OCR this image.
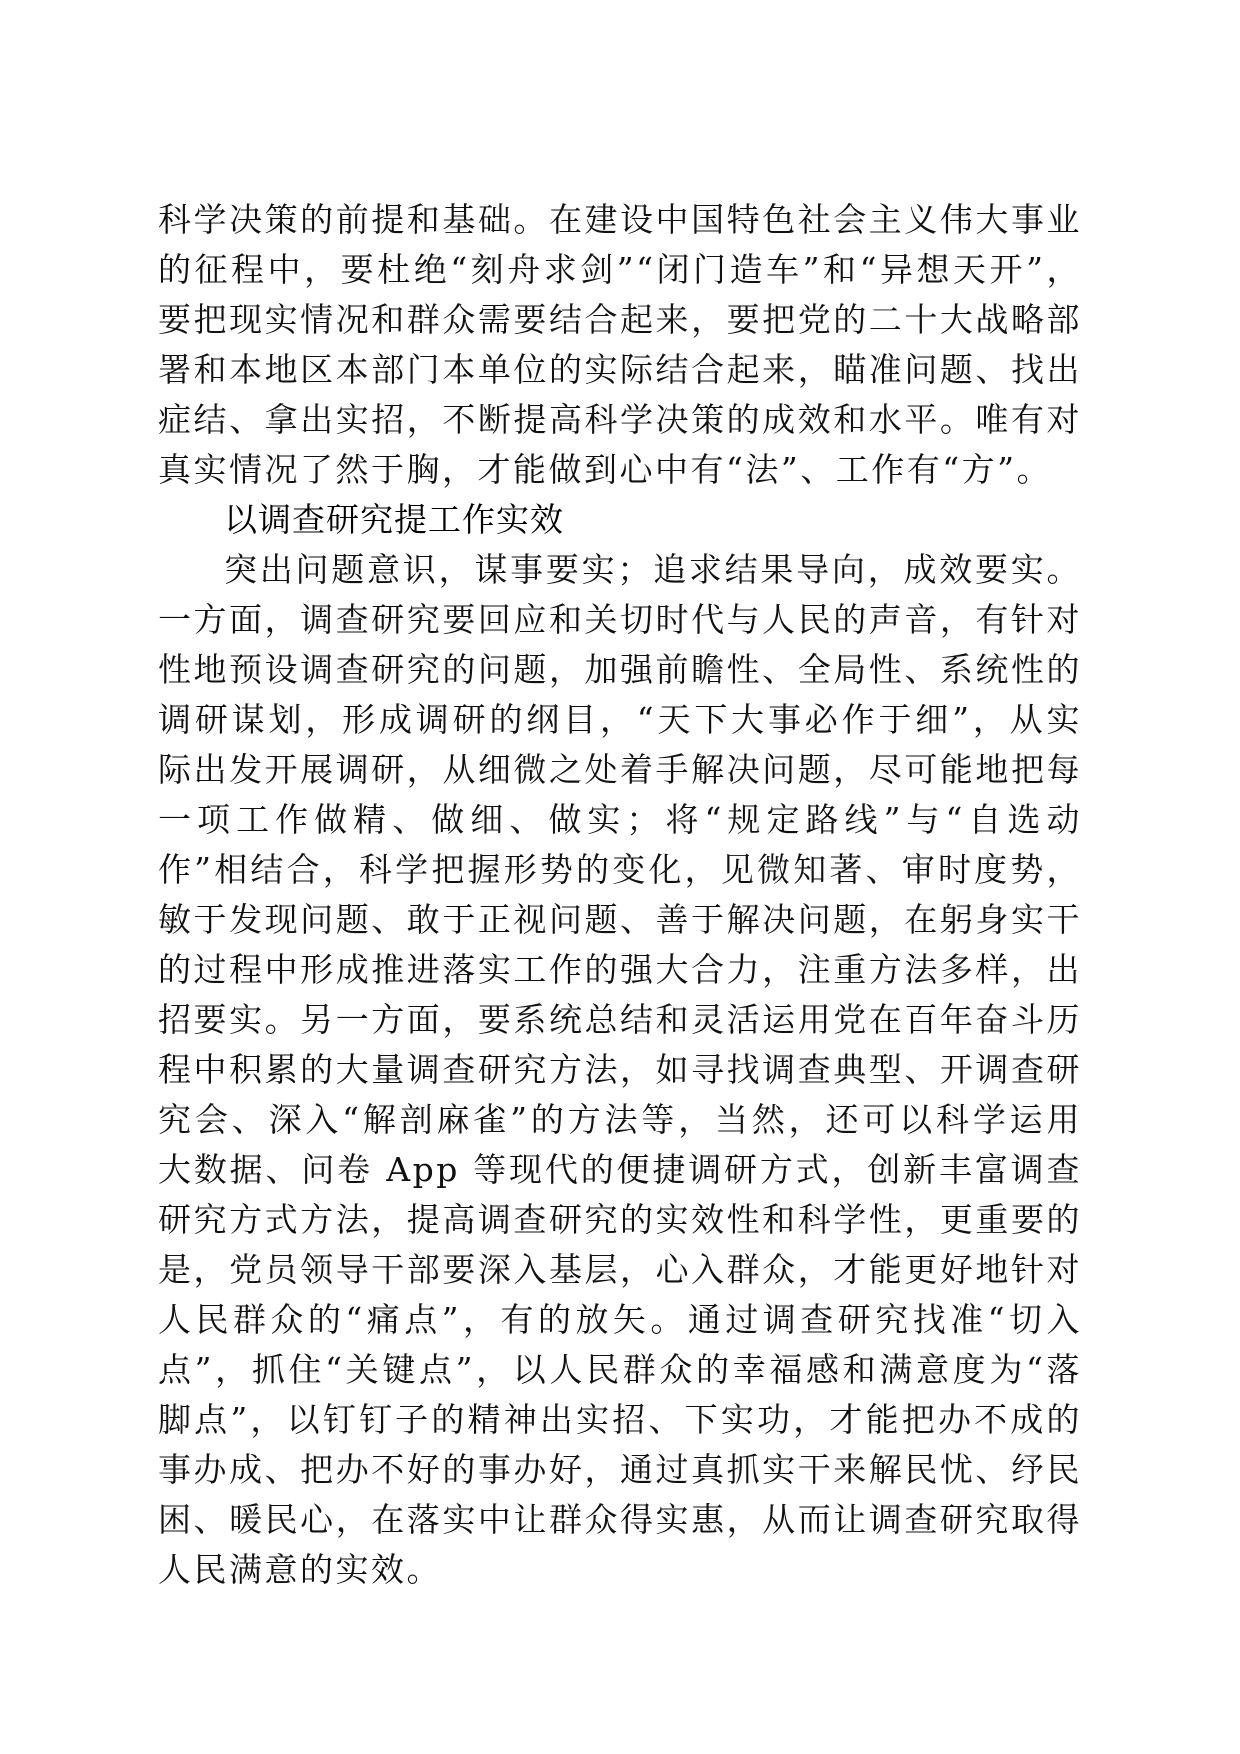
科学决策的前提和基础。在建设中国特色社会主义伟大事业的征程中，要杜绝“刻舟求剑”“闭门造车”和“异想天开”，要把现实情况和群众需要结合起来，要把党的二十大战略部署和本地区本部门本单位的实际结合起来，瞄准问题、找出症结、拿出实招，不断提高科学决策的成效和水平。唯有对真实情况了然于胸，才能做到心中有“法”、工作有“方”。

以调查研究提工作实效

突出问题意识，谋事要实；追求结果导向，成效要实。一方面，调查研究要回应和关切时代与人民的声音，有针对性地预设调查研究的问题，加强前瞻性、全局性、系统性的调研谋划，形成调研的纲目，“天下大事必作于细”，从实际出发开展调研，从细微之处着手解决问题，尽可能地把每一项工作做精、做细、做实；将“规定路线”与“自选动作”相结合，科学把握形势的变化，见微知著、审时度势，敏于发现问题、敢于正视问题、善于解决问题，在躬身实干的过程中形成推进落实工作的强大合力，注重方法多样，出招要实。另一方面，要系统总结和灵活运用党在百年奋斗历程中积累的大量调查研究方法，如寻找调查典型、开调查研究会、深入“解剖麻雀”的方法等，当然，还可以科学运用大数据、问卷 App 等现代的便捷调研方式，创新丰富调查研究方式方法，提高调查研究的实效性和科学性，更重要的是，党员领导干部要深入基层，心入群众，才能更好地针对人民群众的“痛点”，有的放矢。通过调查研究找准“切入点”，抓住“关键点”，以人民群众的幸福感和满意度为“落脚点”，以钉钉子的精神出实招、下实功，才能把办不成的事办成、把办不好的事办好，通过真抓实干来解民忧、纾民困、暖民心，在落实中让群众得实惠，从而让调查研究取得人民满意的实效。
